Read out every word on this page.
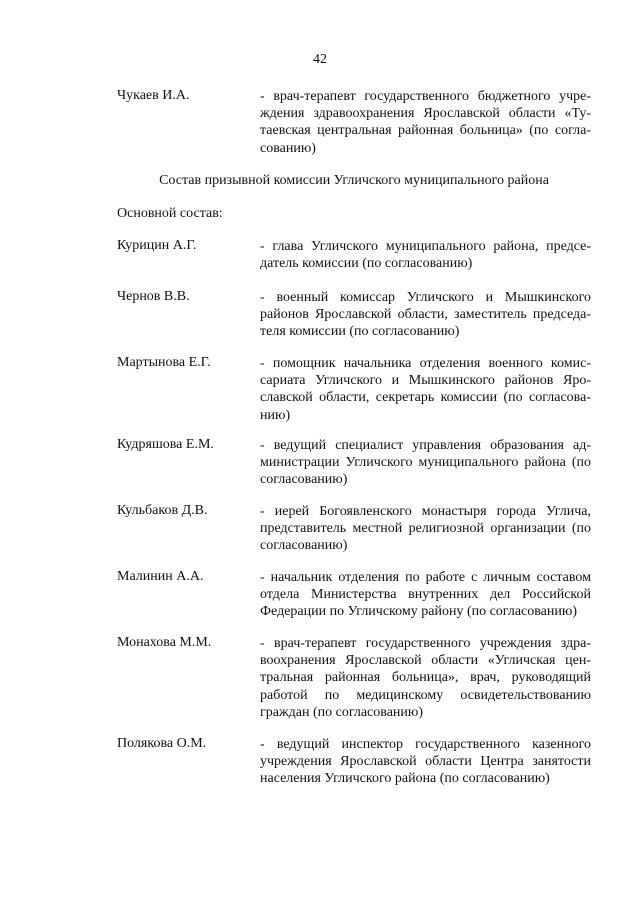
42
Чукаев И.А.	- врач-терапевт государственного бюджетного учреждения здравоохранения Ярославской области «Тутаевская центральная районная больница» (по согласованию)
Состав призывной комиссии Угличского муниципального района
Основной состав:
Курицин А.Г.	- глава Угличского муниципального района, председатель комиссии (по согласованию)
Чернов В.В.	- военный комиссар Угличского и Мышкинского районов Ярославской области, заместитель председателя комиссии (по согласованию)
Мартынова Е.Г.	- помощник начальника отделения военного комиссариата Угличского и Мышкинского районов Ярославской области, секретарь комиссии (по согласованию)
Кудряшова Е.М.	- ведущий специалист управления образования администрации Угличского муниципального района (по согласованию)
Кульбаков Д.В.	- иерей Богоявленского монастыря города Углича, представитель местной религиозной организации (по согласованию)
Малинин А.А.	- начальник отделения по работе с личным составом отдела Министерства внутренних дел Российской Федерации по Угличскому району (по согласованию)
Монахова М.М.	- врач-терапевт государственного учреждения здравоохранения Ярославской области «Угличская центральная районная больница», врач, руководящий работой по медицинскому освидетельствованию граждан (по согласованию)
Полякова О.М.	- ведущий инспектор государственного казенного учреждения Ярославской области Центра занятости населения Угличского района (по согласованию)
